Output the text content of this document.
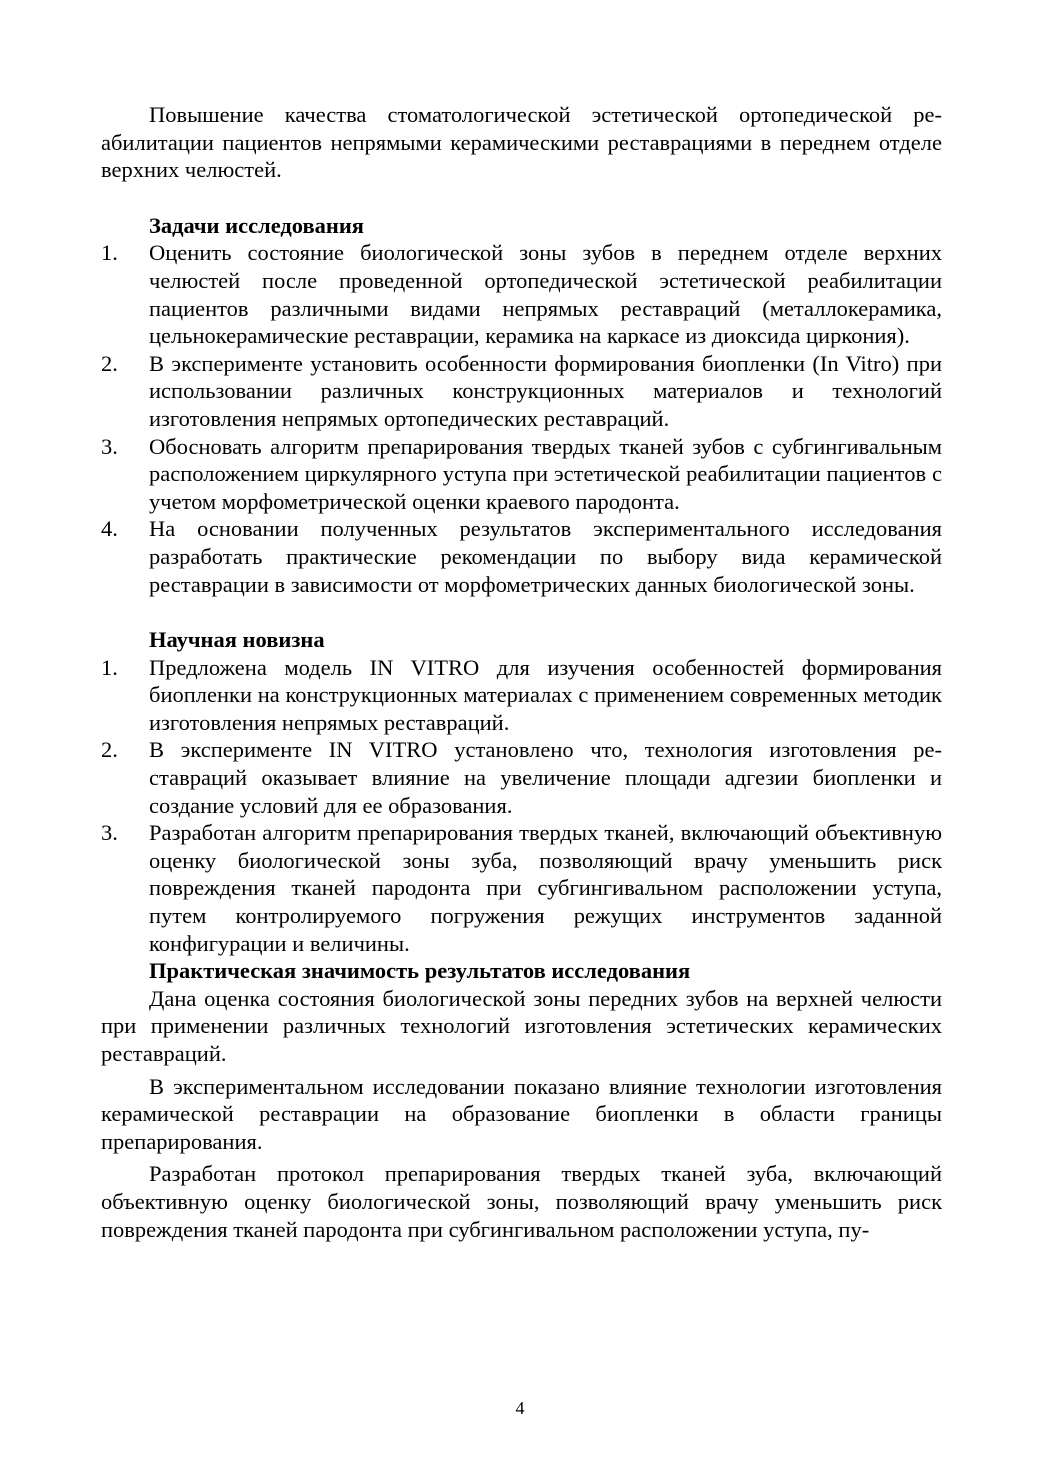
Повышение качества стоматологической эстетической ортопедической реабилитации пациентов непрямыми керамическими реставрациями в переднем отделе верхних челюстей.

Задачи исследования
1. Оценить состояние биологической зоны зубов в переднем отделе верхних челюстей после проведенной ортопедической эстетической реабилитации пациентов различными видами непрямых реставраций (металлокерамика, цельнокерамические реставрации, керамика на каркасе из диоксида циркония).
2. В эксперименте установить особенности формирования биопленки (In Vitro) при использовании различных конструкционных материалов и технологий изготовления непрямых ортопедических реставраций.
3. Обосновать алгоритм препарирования твердых тканей зубов с субгингивальным расположением циркулярного уступа при эстетической реабилитации пациентов с учетом морфометрической оценки краевого пародонта.
4. На основании полученных результатов экспериментального исследования разработать практические рекомендации по выбору вида керамической реставрации в зависимости от морфометрических данных биологической зоны.
Научная новизна
1. Предложена модель IN VITRO для изучения особенностей формирования биопленки на конструкционных материалах с применением современных методик изготовления непрямых реставраций.
2. В эксперименте IN VITRO установлено что, технология изготовления реставраций оказывает влияние на увеличение площади адгезии биопленки и создание условий для ее образования.
3. Разработан алгоритм препарирования твердых тканей, включающий объективную оценку биологической зоны зуба, позволяющий врачу уменьшить риск повреждения тканей пародонта при субгингивальном расположении уступа, путем контролируемого погружения режущих инструментов заданной конфигурации и величины.
Практическая значимость результатов исследования

Дана оценка состояния биологической зоны передних зубов на верхней челюсти при применении различных технологий изготовления эстетических керамических реставраций.

В экспериментальном исследовании показано влияние технологии изготовления керамической реставрации на образование биопленки в области границы препарирования.

Разработан протокол препарирования твердых тканей зуба, включающий объективную оценку биологической зоны, позволяющий врачу уменьшить риск повреждения тканей пародонта при субгингивальном расположении уступа, пу-

4
